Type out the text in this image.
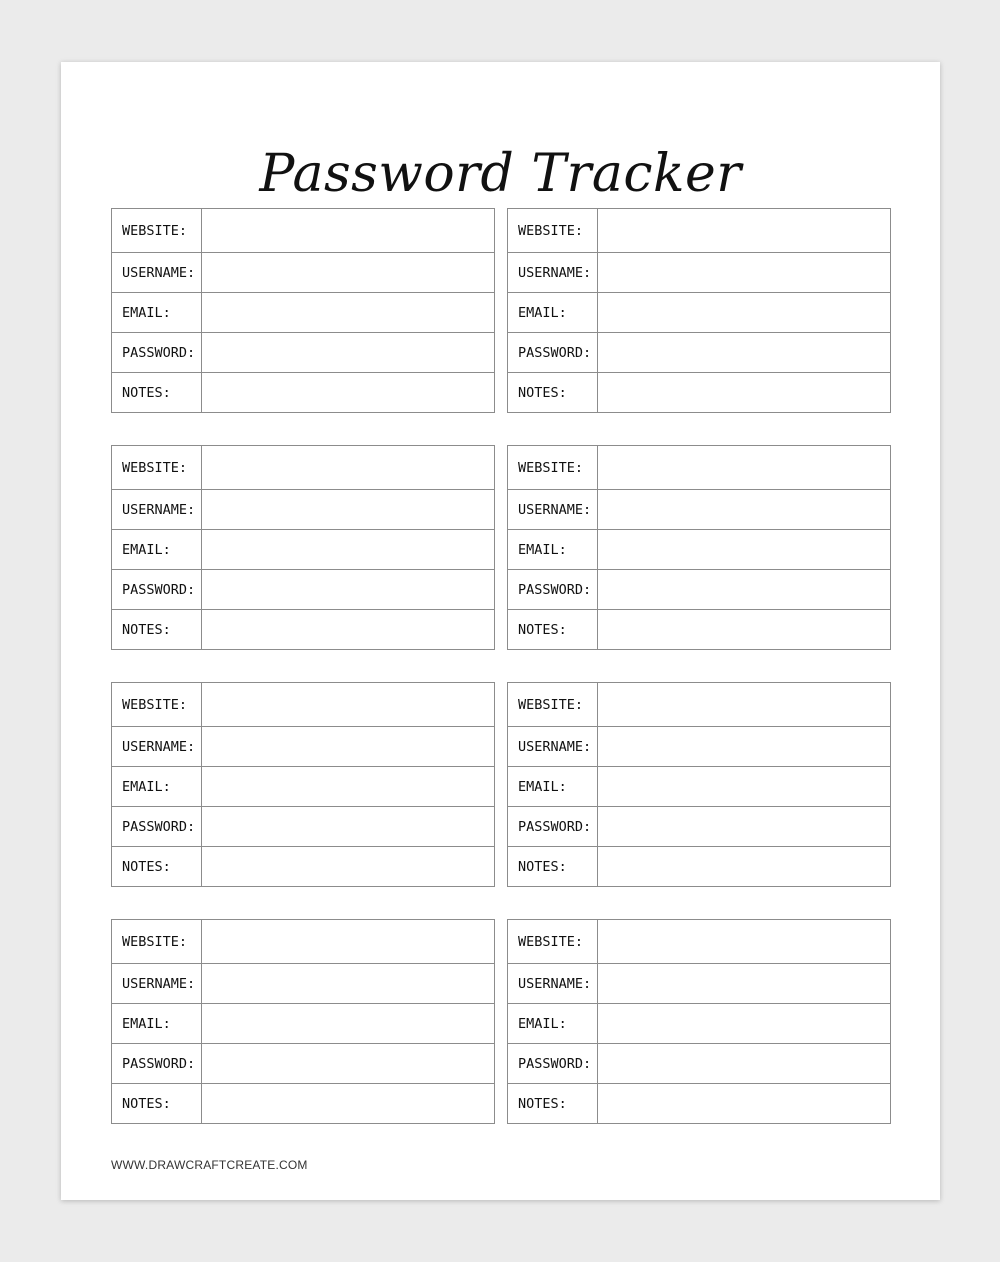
Password Tracker
WEBSITE:
USERNAME:
EMAIL:
PASSWORD:
NOTES:
WEBSITE:
USERNAME:
EMAIL:
PASSWORD:
NOTES:
WEBSITE:
USERNAME:
EMAIL:
PASSWORD:
NOTES:
WEBSITE:
USERNAME:
EMAIL:
PASSWORD:
NOTES:
WEBSITE:
USERNAME:
EMAIL:
PASSWORD:
NOTES:
WEBSITE:
USERNAME:
EMAIL:
PASSWORD:
NOTES:
WEBSITE:
USERNAME:
EMAIL:
PASSWORD:
NOTES:
WEBSITE:
USERNAME:
EMAIL:
PASSWORD:
NOTES:
WWW.DRAWCRAFTCREATE.COM
